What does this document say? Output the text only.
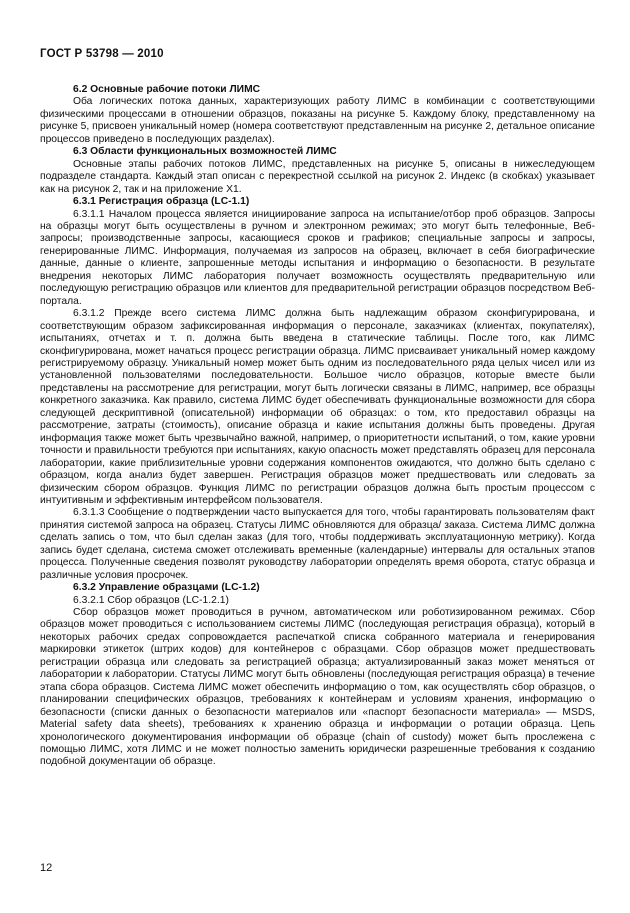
ГОСТ Р 53798 — 2010

6.2 Основные рабочие потоки ЛИМС

Оба логических потока данных, характеризующих работу ЛИМС в комбинации с соответствующими физическими процессами в отношении образцов, показаны на рисунке 5. Каждому блоку, представленному на рисунке 5, присвоен уникальный номер (номера соответствуют представленным на рисунке 2, детальное описание процессов приведено в последующих разделах).

6.3 Области функциональных возможностей ЛИМС

Основные этапы рабочих потоков ЛИМС, представленных на рисунке 5, описаны в нижеследующем подразделе стандарта. Каждый этап описан с перекрестной ссылкой на рисунок 2. Индекс (в скобках) указывает как на рисунок 2, так и на приложение Х1.

6.3.1 Регистрация образца (LC-1.1)

6.3.1.1 Началом процесса является инициирование запроса на испытание/отбор проб образцов. Запросы на образцы могут быть осуществлены в ручном и электронном режимах; это могут быть телефонные, Веб-запросы; производственные запросы, касающиеся сроков и графиков; специальные запросы и запросы, генерированные ЛИМС. Информация, получаемая из запросов на образец, включает в себя биографические данные, данные о клиенте, запрошенные методы испытания и информацию о безопасности. В результате внедрения некоторых ЛИМС лаборатория получает возможность осуществлять предварительную или последующую регистрацию образцов или клиентов для предварительной регистрации образцов посредством Веб-портала.

6.3.1.2 Прежде всего система ЛИМС должна быть надлежащим образом сконфигурирована, и соответствующим образом зафиксированная информация о персонале, заказчиках (клиентах, покупателях), испытаниях, отчетах и т. п. должна быть введена в статические таблицы. После того, как ЛИМС сконфигурирована, может начаться процесс регистрации образца. ЛИМС присваивает уникальный номер каждому регистрируемому образцу. Уникальный номер может быть одним из последовательного ряда целых чисел или из установленной пользователями последовательности. Большое число образцов, которые вместе были представлены на рассмотрение для регистрации, могут быть логически связаны в ЛИМС, например, все образцы конкретного заказчика. Как правило, система ЛИМС будет обеспечивать функциональные возможности для сбора следующей дескриптивной (описательной) информации об образцах: о том, кто предоставил образцы на рассмотрение, затраты (стоимость), описание образца и какие испытания должны быть проведены. Другая информация также может быть чрезвычайно важной, например, о приоритетности испытаний, о том, какие уровни точности и правильности требуются при испытаниях, какую опасность может представлять образец для персонала лаборатории, какие приблизительные уровни содержания компонентов ожидаются, что должно быть сделано с образцом, когда анализ будет завершен. Регистрация образцов может предшествовать или следовать за физическим сбором образцов. Функция ЛИМС по регистрации образцов должна быть простым процессом с интуитивным и эффективным интерфейсом пользователя.

6.3.1.3 Сообщение о подтверждении часто выпускается для того, чтобы гарантировать пользователям факт принятия системой запроса на образец. Статусы ЛИМС обновляются для образца/ заказа. Система ЛИМС должна сделать запись о том, что был сделан заказ (для того, чтобы поддерживать эксплуатационную метрику). Когда запись будет сделана, система сможет отслеживать временные (календарные) интервалы для остальных этапов процесса. Полученные сведения позволят руководству лаборатории определять время оборота, статус образца и различные условия просрочек.

6.3.2 Управление образцами (LC-1.2)

6.3.2.1 Сбор образцов (LC-1.2.1)

Сбор образцов может проводиться в ручном, автоматическом или роботизированном режимах. Сбор образцов может проводиться с использованием системы ЛИМС (последующая регистрация образца), который в некоторых рабочих средах сопровождается распечаткой списка собранного материала и генерирования маркировки этикеток (штрих кодов) для контейнеров с образцами. Сбор образцов может предшествовать регистрации образца или следовать за регистрацией образца; актуализированный заказ может меняться от лаборатории к лаборатории. Статусы ЛИМС могут быть обновлены (последующая регистрация образца) в течение этапа сбора образцов. Система ЛИМС может обеспечить информацию о том, как осуществлять сбор образцов, о планировании специфических образцов, требованиях к контейнерам и условиям хранения, информацию о безопасности (списки данных о безопасности материалов или «паспорт безопасности материала» — MSDS, Material safety data sheets), требованиях к хранению образца и информации о ротации образца. Цепь хронологического документирования информации об образце (chain of custody) может быть прослежена с помощью ЛИМС, хотя ЛИМС и не может полностью заменить юридически разрешенные требования к созданию подобной документации об образце.

12
